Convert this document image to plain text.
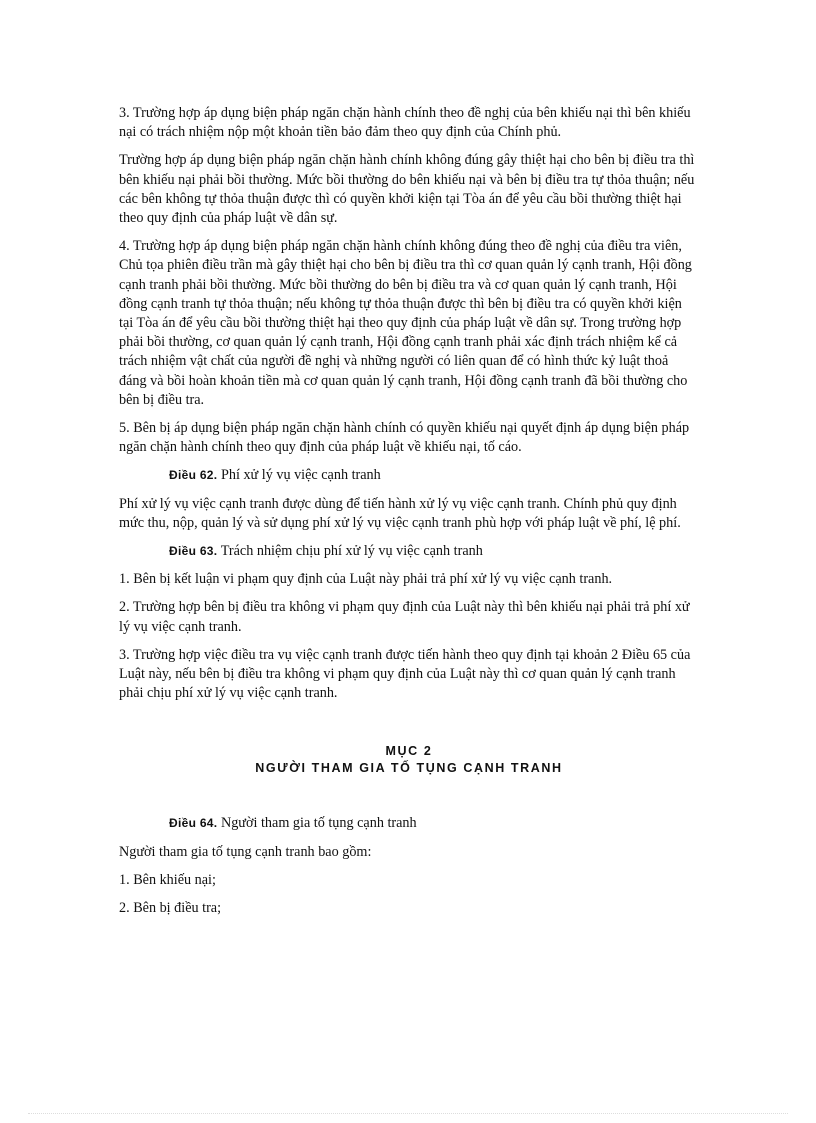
3. Trường hợp áp dụng biện pháp ngăn chặn hành chính theo đề nghị của bên khiếu nại thì bên khiếu nại có trách nhiệm nộp một khoản tiền bảo đảm theo quy định của Chính phủ.

Trường hợp áp dụng biện pháp ngăn chặn hành chính không đúng gây thiệt hại cho bên bị điều tra thì bên khiếu nại phải bồi thường. Mức bồi thường do bên khiếu nại và bên bị điều tra tự thỏa thuận; nếu các bên không tự thỏa thuận được thì có quyền khởi kiện tại Tòa án để yêu cầu bồi thường thiệt hại theo quy định của pháp luật về dân sự.

4. Trường hợp áp dụng biện pháp ngăn chặn hành chính không đúng theo đề nghị của điều tra viên, Chủ tọa phiên điều trần mà gây thiệt hại cho bên bị điều tra thì cơ quan quản lý cạnh tranh, Hội đồng cạnh tranh phải bồi thường. Mức bồi thường do bên bị điều tra và cơ quan quản lý cạnh tranh, Hội đồng cạnh tranh tự thỏa thuận; nếu không tự thỏa thuận được thì bên bị điều tra có quyền khởi kiện tại Tòa án để yêu cầu bồi thường thiệt hại theo quy định của pháp luật về dân sự. Trong trường hợp phải bồi thường, cơ quan quản lý cạnh tranh, Hội đồng cạnh tranh phải xác định trách nhiệm kể cả trách nhiệm vật chất của người đề nghị và những người có liên quan để có hình thức kỷ luật thoả đáng và bồi hoàn khoản tiền mà cơ quan quản lý cạnh tranh, Hội đồng cạnh tranh đã bồi thường cho bên bị điều tra.

5. Bên bị áp dụng biện pháp ngăn chặn hành chính có quyền khiếu nại quyết định áp dụng biện pháp ngăn chặn hành chính theo quy định của pháp luật về khiếu nại, tố cáo.

Điều 62. Phí xử lý vụ việc cạnh tranh

Phí xử lý vụ việc cạnh tranh được dùng để tiến hành xử lý vụ việc cạnh tranh. Chính phủ quy định mức thu, nộp, quản lý và sử dụng phí xử lý vụ việc cạnh tranh phù hợp với pháp luật về phí, lệ phí.

Điều 63. Trách nhiệm chịu phí xử lý vụ việc cạnh tranh

1. Bên bị kết luận vi phạm quy định của Luật này phải trả phí xử lý vụ việc cạnh tranh.

2. Trường hợp bên bị điều tra không vi phạm quy định của Luật này thì bên khiếu nại phải trả phí xử lý vụ việc cạnh tranh.

3. Trường hợp việc điều tra vụ việc cạnh tranh được tiến hành theo quy định tại khoản 2 Điều 65 của Luật này, nếu bên bị điều tra không vi phạm quy định của Luật này thì cơ quan quản lý cạnh tranh phải chịu phí xử lý vụ việc cạnh tranh.

MỤC 2

NGƯỜI THAM GIA TỐ TỤNG CẠNH TRANH

Điều 64. Người tham gia tố tụng cạnh tranh

Người tham gia tố tụng cạnh tranh bao gồm:

1. Bên khiếu nại;

2. Bên bị điều tra;
